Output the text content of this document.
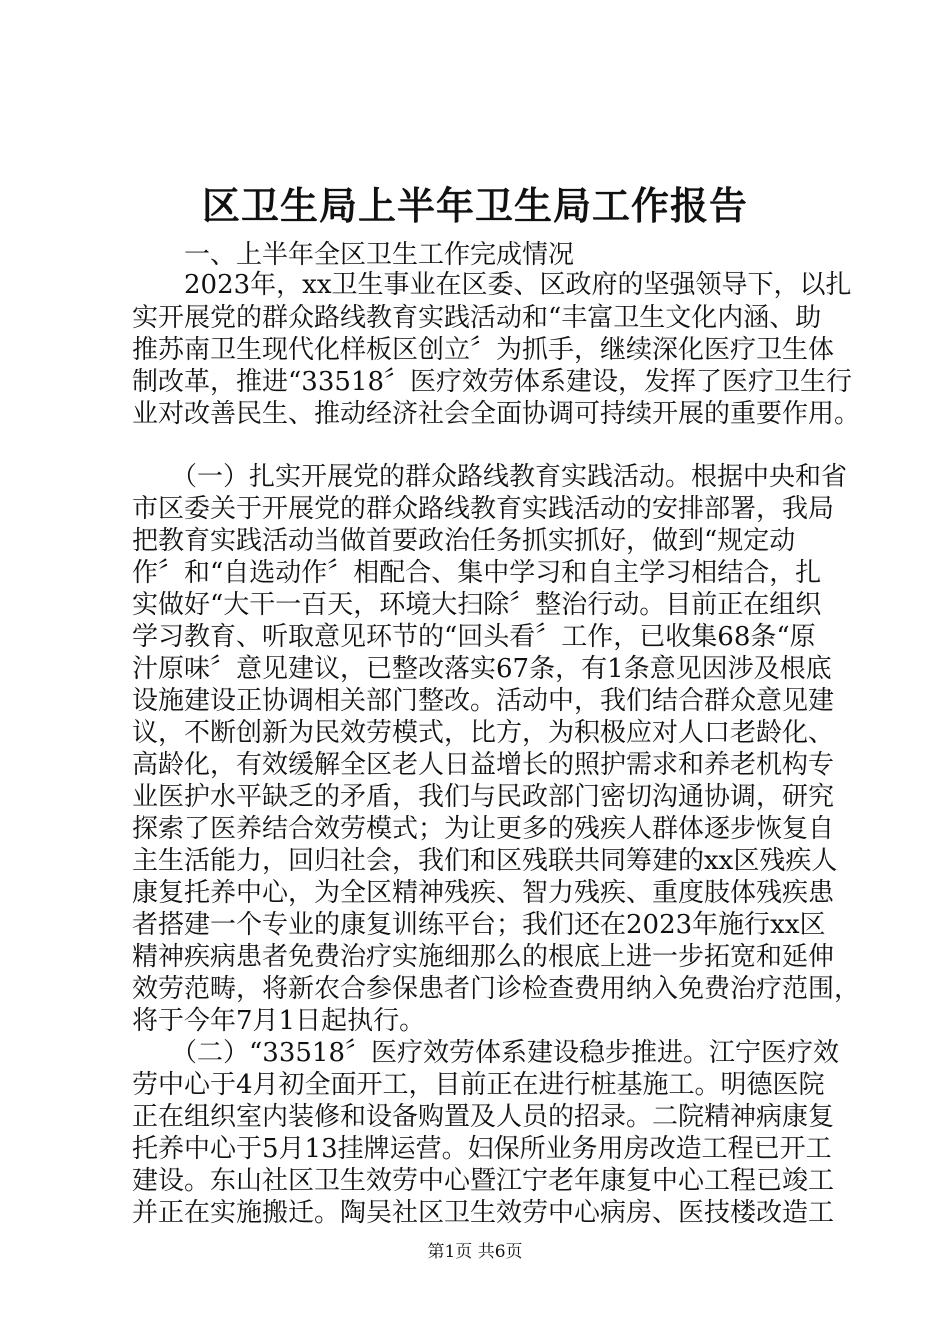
区卫生局上半年卫生局工作报告
　　一、上半年全区卫生工作完成情况
　　2023年，xx卫生事业在区委、区政府的坚强领导下，以扎
实开展党的群众路线教育实践活动和“丰富卫生文化内涵、助
推苏南卫生现代化样板区创立〞为抓手，继续深化医疗卫生体
制改革，推进“33518〞医疗效劳体系建设，发挥了医疗卫生行
业对改善民生、推动经济社会全面协调可持续开展的重要作用。
　　（一）扎实开展党的群众路线教育实践活动。根据中央和省
市区委关于开展党的群众路线教育实践活动的安排部署，我局
把教育实践活动当做首要政治任务抓实抓好，做到“规定动
作〞和“自选动作〞相配合、集中学习和自主学习相结合，扎
实做好“大干一百天，环境大扫除〞整治行动。目前正在组织
学习教育、听取意见环节的“回头看〞工作，已收集68条“原
汁原味〞意见建议，已整改落实67条，有1条意见因涉及根底
设施建设正协调相关部门整改。活动中，我们结合群众意见建
议，不断创新为民效劳模式，比方，为积极应对人口老龄化、
高龄化，有效缓解全区老人日益增长的照护需求和养老机构专
业医护水平缺乏的矛盾，我们与民政部门密切沟通协调，研究
探索了医养结合效劳模式；为让更多的残疾人群体逐步恢复自
主生活能力，回归社会，我们和区残联共同筹建的xx区残疾人
康复托养中心，为全区精神残疾、智力残疾、重度肢体残疾患
者搭建一个专业的康复训练平台；我们还在2023年施行xx区
精神疾病患者免费治疗实施细那么的根底上进一步拓宽和延伸
效劳范畴，将新农合参保患者门诊检查费用纳入免费治疗范围，
将于今年7月1日起执行。
　　（二）“33518〞医疗效劳体系建设稳步推进。江宁医疗效
劳中心于4月初全面开工，目前正在进行桩基施工。明德医院
正在组织室内装修和设备购置及人员的招录。二院精神病康复
托养中心于5月13挂牌运营。妇保所业务用房改造工程已开工
建设。东山社区卫生效劳中心暨江宁老年康复中心工程已竣工
并正在实施搬迁。陶吴社区卫生效劳中心病房、医技楼改造工
第1页 共6页
